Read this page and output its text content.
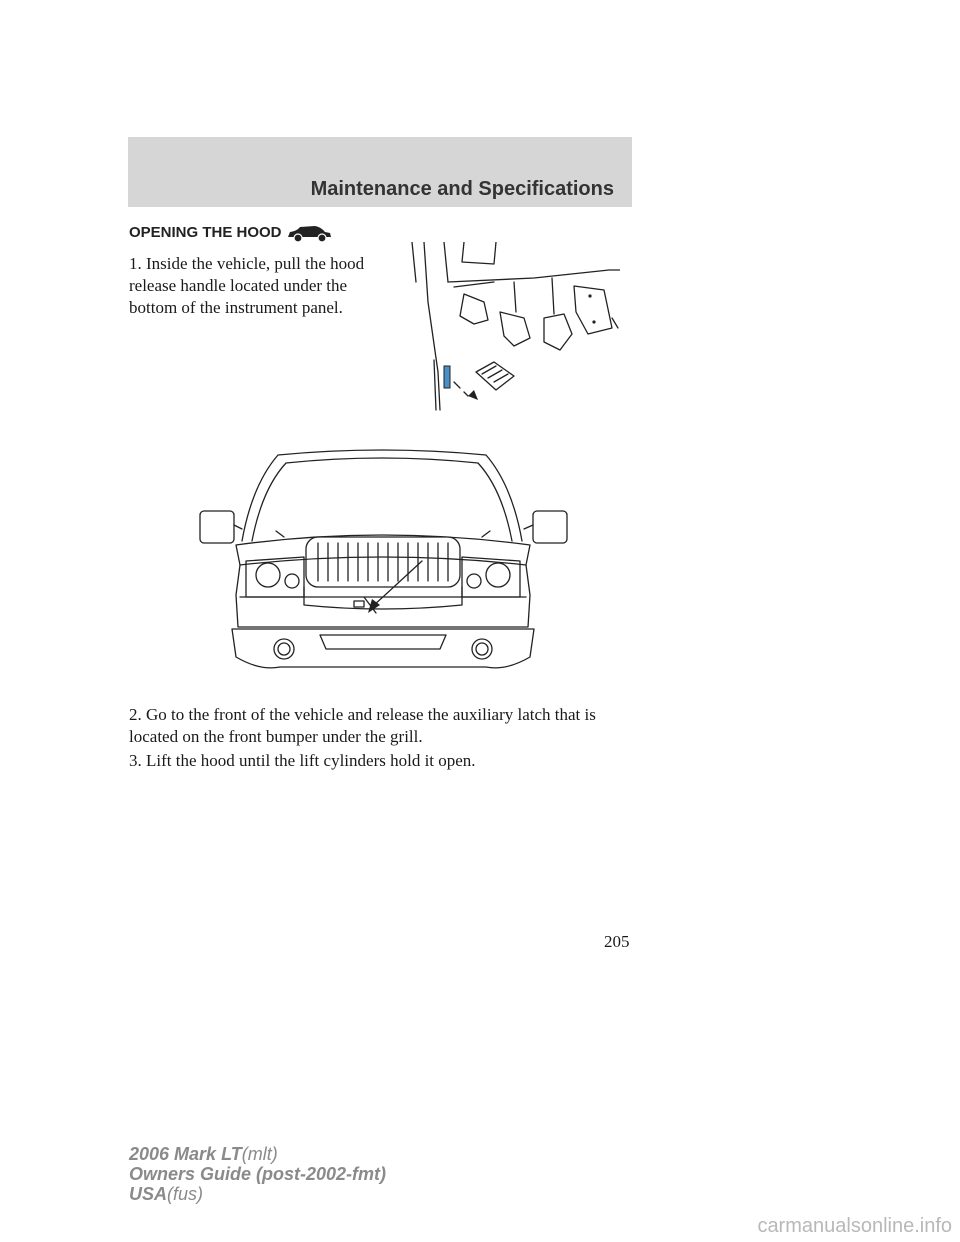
Maintenance and Specifications
OPENING THE HOOD
1. Inside the vehicle, pull the hood release handle located under the bottom of the instrument panel.
2. Go to the front of the vehicle and release the auxiliary latch that is located on the front bumper under the grill.
3. Lift the hood until the lift cylinders hold it open.
205
2006 Mark LT(mlt)
Owners Guide (post-2002-fmt)
USA(fus)
carmanualsonline.info
